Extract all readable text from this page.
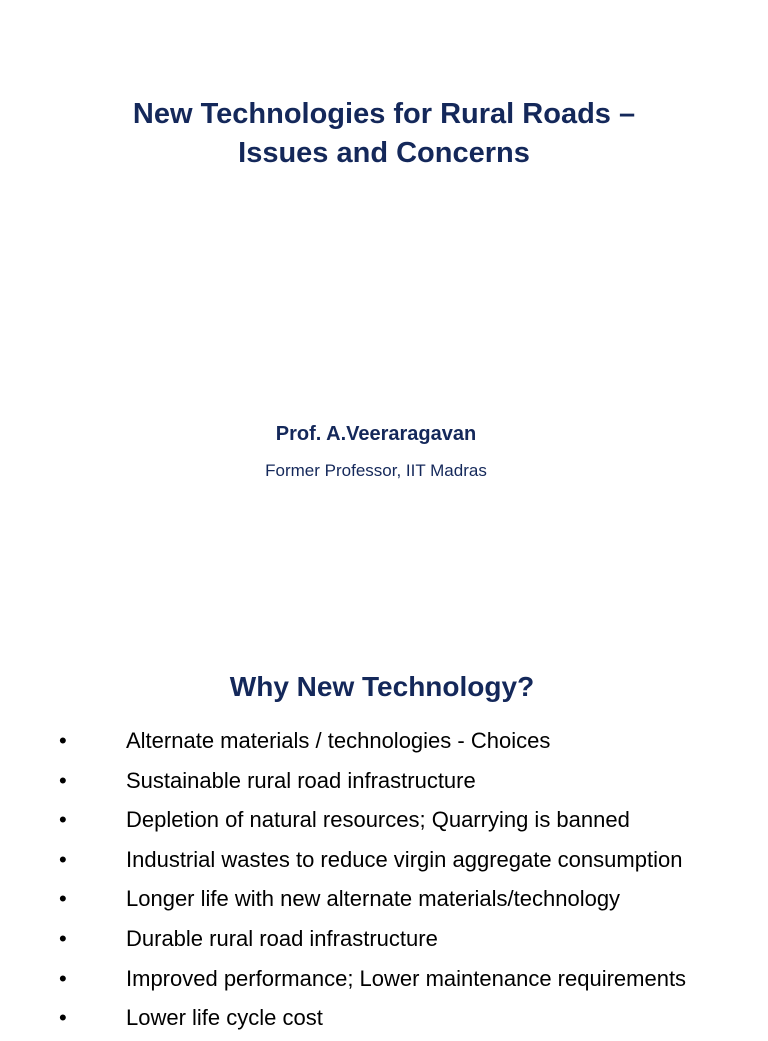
New Technologies for Rural Roads –
Issues and Concerns

Prof. A.Veeraragavan

Former Professor, IIT Madras

Why New Technology?
•	Alternate materials / technologies - Choices
•	Sustainable rural road infrastructure
•	Depletion of natural resources; Quarrying is banned
•	Industrial wastes to reduce virgin aggregate consumption
•	Longer life with new alternate materials/technology
•	Durable rural road infrastructure
•	Improved performance; Lower maintenance requirements
•	Lower life cycle cost
